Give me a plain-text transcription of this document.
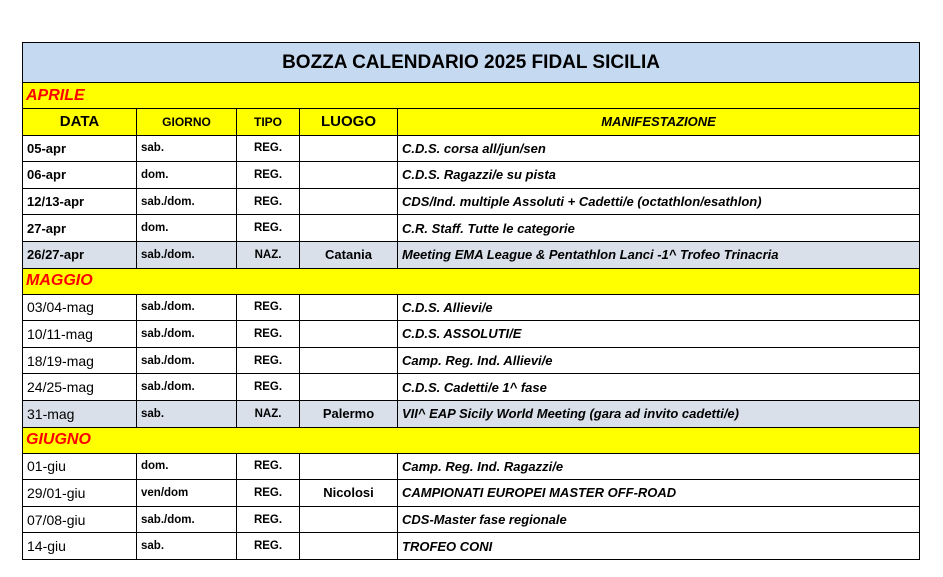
BOZZA CALENDARIO 2025 FIDAL SICILIA				
APRILE				
DATA	GIORNO	TIPO	LUOGO	MANIFESTAZIONE
05-apr	sab.	REG.		C.D.S. corsa all/jun/sen
06-apr	dom.	REG.		C.D.S. Ragazzi/e su pista
12/13-apr	sab./dom.	REG.		CDS/Ind. multiple Assoluti + Cadetti/e (octathlon/esathlon)
27-apr	dom.	REG.		C.R. Staff. Tutte le categorie
26/27-apr	sab./dom.	NAZ.	Catania	Meeting EMA League & Pentathlon Lanci -1^ Trofeo Trinacria
MAGGIO				
03/04-mag	sab./dom.	REG.		C.D.S. Allievi/e
10/11-mag	sab./dom.	REG.		C.D.S. ASSOLUTI/E
18/19-mag	sab./dom.	REG.		Camp. Reg. Ind. Allievi/e
24/25-mag	sab./dom.	REG.		C.D.S. Cadetti/e 1^ fase
31-mag	sab.	NAZ.	Palermo	VII^ EAP Sicily World Meeting (gara ad invito cadetti/e)
GIUGNO				
01-giu	dom.	REG.		Camp. Reg. Ind. Ragazzi/e
29/01-giu	ven/dom	REG.	Nicolosi	CAMPIONATI EUROPEI MASTER OFF-ROAD
07/08-giu	sab./dom.	REG.		CDS-Master fase regionale
14-giu	sab.	REG.		TROFEO CONI
